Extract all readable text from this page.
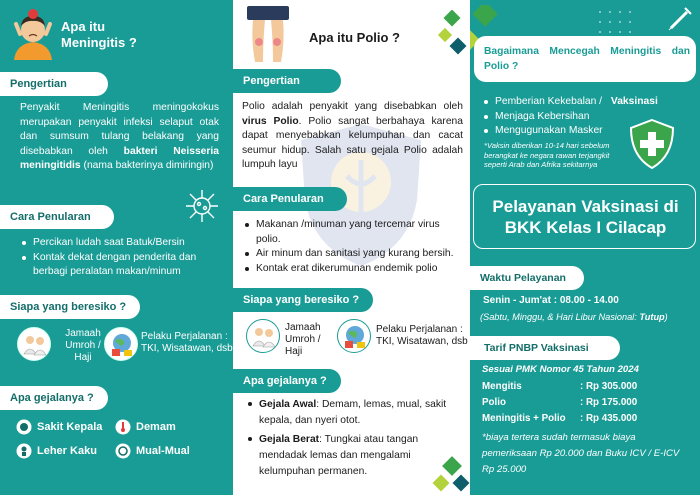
Apa itu
Meningitis ?
Pengertian
Penyakit Meningitis meningokokus merupakan penyakit infeksi selaput otak dan sumsum tulang belakang yang disebabkan oleh bakteri Neisseria meningitidis (nama bakterinya dimiringin)
Cara Penularan
Percikan ludah saat Batuk/Bersin
Kontak dekat dengan penderita dan berbagi peralatan makan/minum
Siapa yang beresiko ?
Jamaah Umroh / Haji
Pelaku Perjalanan : TKI, Wisatawan, dsb
Apa gejalanya ?
Sakit Kepala	Demam
Leher Kaku	Mual-Mual
Apa itu Polio ?
Pengertian
Polio adalah penyakit yang disebabkan oleh virus Polio. Polio sangat berbahaya karena dapat menyebabkan kelumpuhan dan cacat seumur hidup. Salah satu gejala Polio adalah lumpuh layu
Cara Penularan
Makanan /minuman yang tercemar virus polio.
Air minum dan sanitasi yang kurang bersih.
Kontak erat dikerumunan endemik polio
Siapa yang beresiko ?
Jamaah Umroh / Haji
Pelaku Perjalanan : TKI, Wisatawan, dsb
Apa gejalanya ?
Gejala Awal: Demam, lemas, mual, sakit kepala, dan nyeri otot.
Gejala Berat: Tungkai atau tangan mendadak lemas dan mengalami kelumpuhan permanen.
Bagaimana Mencegah Meningitis dan Polio ?
Pemberian Kekebalan / Vaksinasi
Menjaga Kebersihan
Mengugunakan Masker
*Vaksin diberikan 10-14 hari sebelum berangkat ke negara rawan terjangkit seperti Arab dan Afrika sekitarnya
Pelayanan Vaksinasi di BKK Kelas I Cilacap
Waktu Pelayanan
Senin - Jum'at : 08.00 - 14.00
(Sabtu, Minggu, & Hari Libur Nasional: Tutup)
Tarif PNBP Vaksinasi
Sesuai PMK Nomor 45 Tahun 2024
Mengitis	: Rp 305.000
Polio	: Rp 175.000
Meningitis + Polio	: Rp 435.000
*biaya tertera sudah termasuk biaya pemeriksaan Rp 20.000 dan Buku ICV / E-ICV Rp 25.000
